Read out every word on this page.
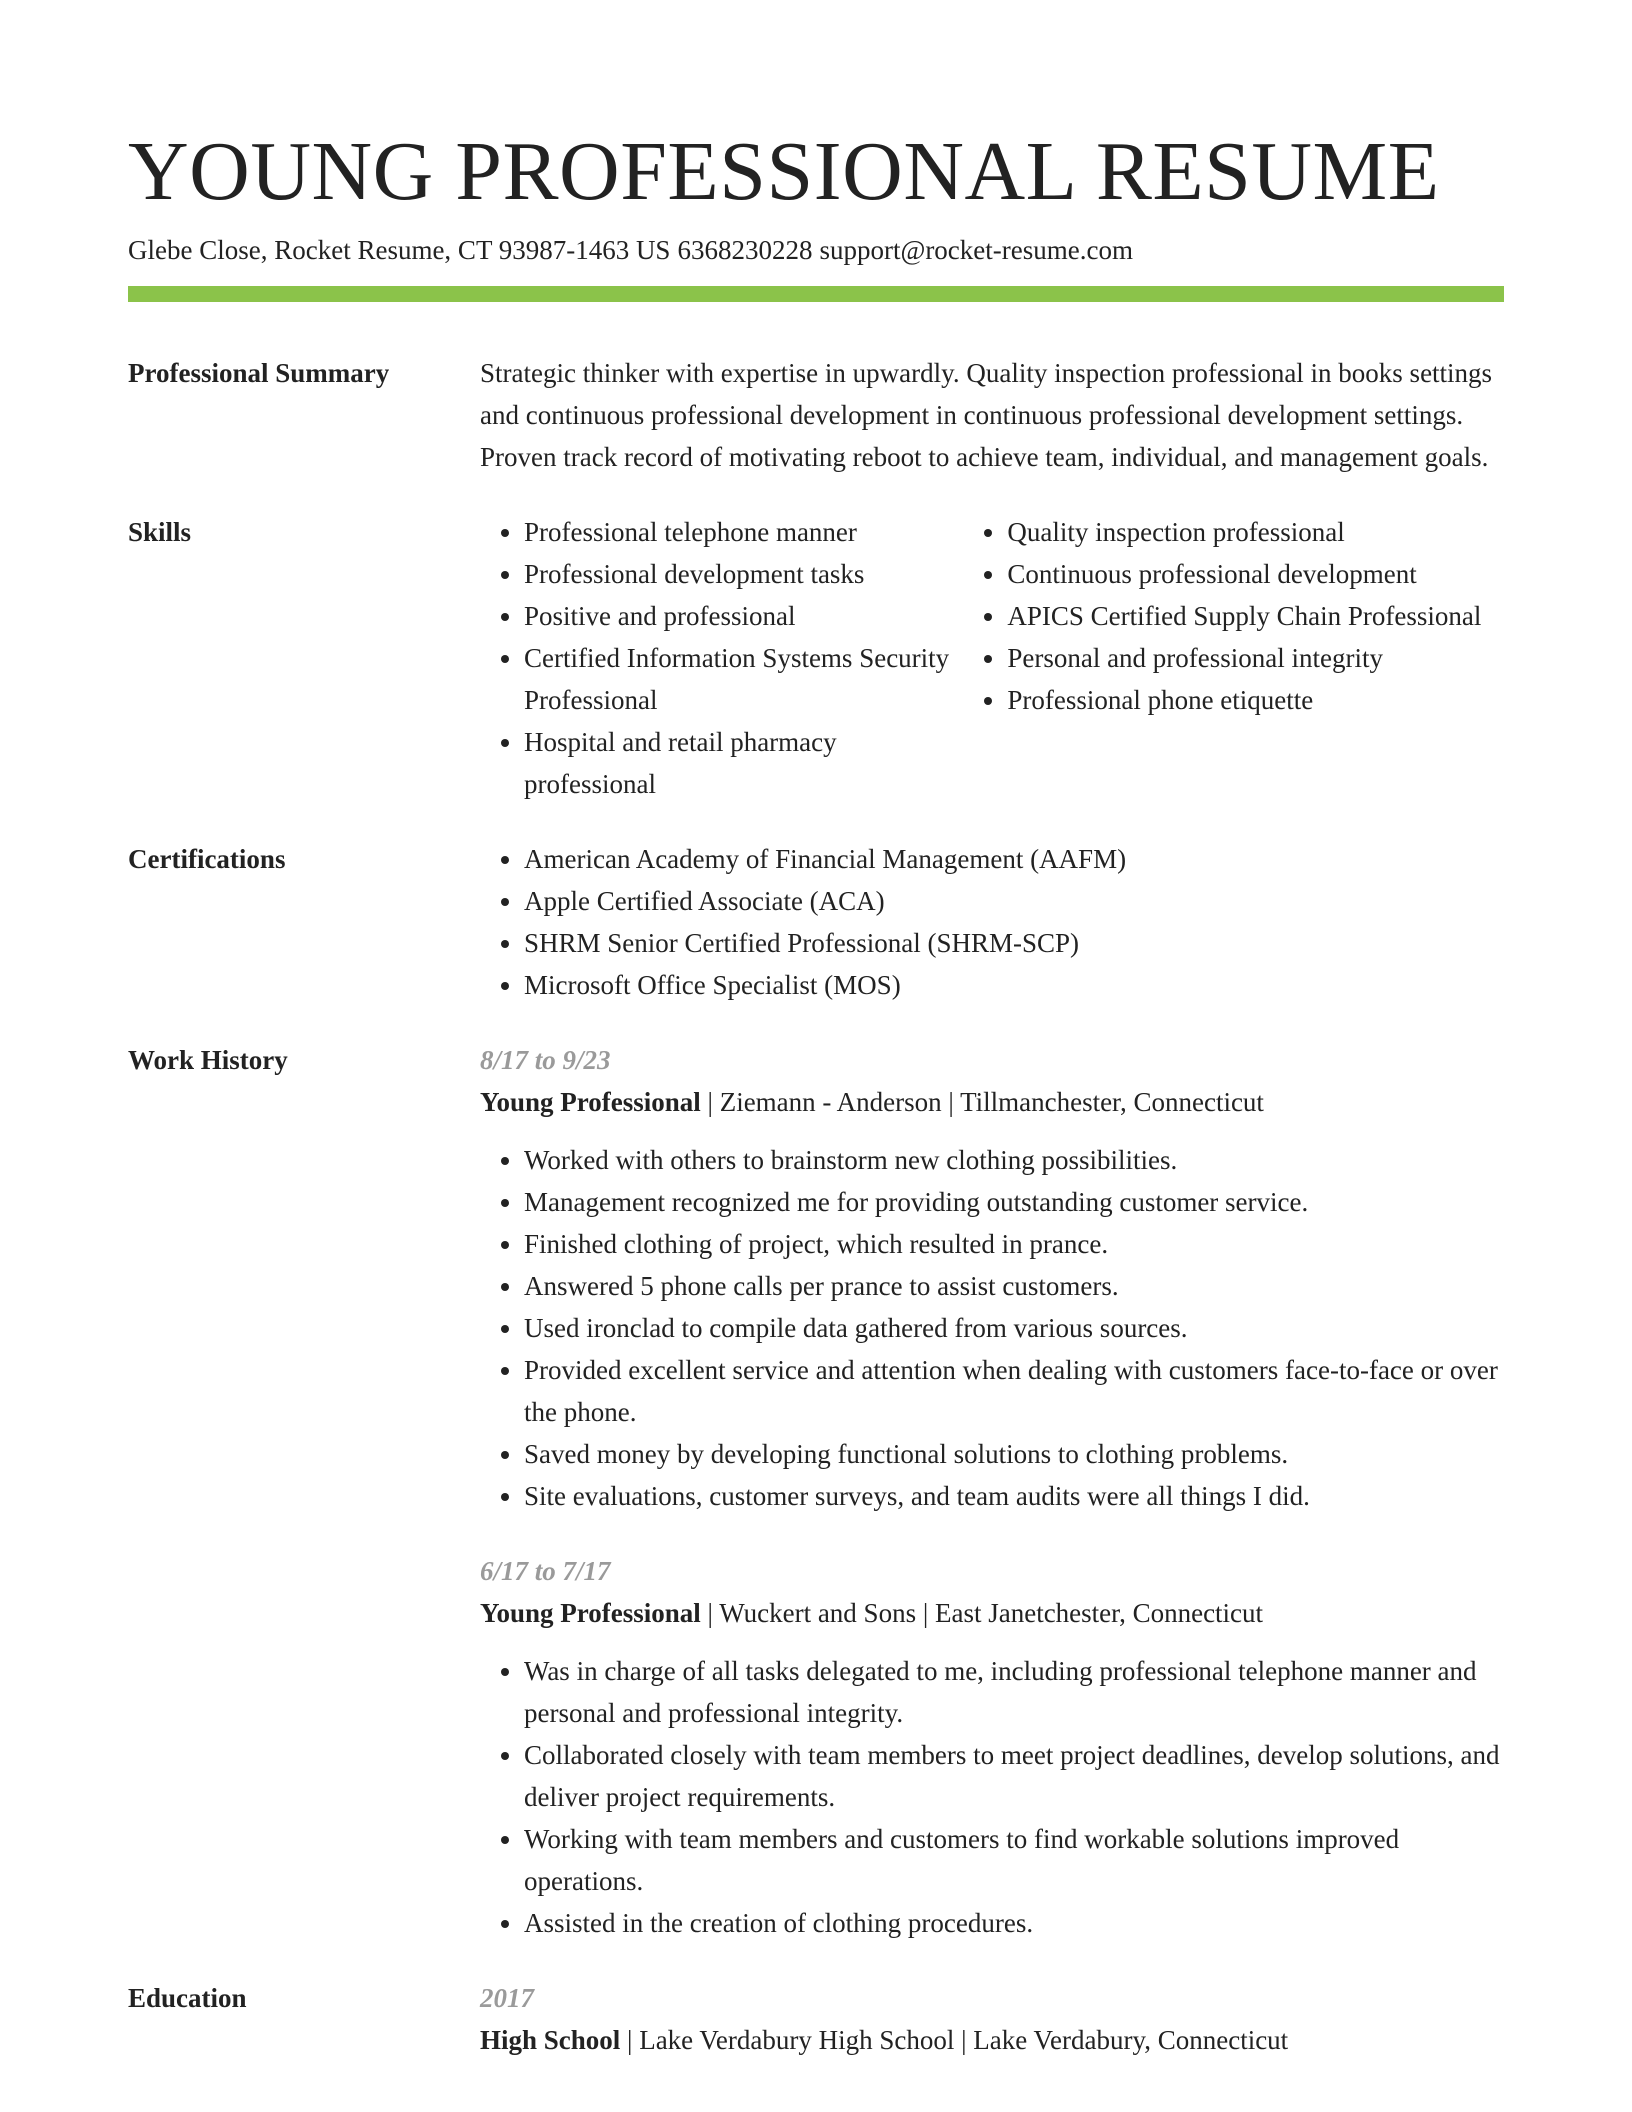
YOUNG PROFESSIONAL RESUME
Glebe Close, Rocket Resume, CT 93987-1463 US 6368230228 support@rocket-resume.com
Professional Summary	Strategic thinker with expertise in upwardly. Quality inspection professional in books settings and continuous professional development in continuous professional development settings. Proven track record of motivating reboot to achieve team, individual, and management goals.
Skills	• Professional telephone manner
• Professional development tasks
• Positive and professional
• Certified Information Systems Security Professional
• Hospital and retail pharmacy professional
• Quality inspection professional
• Continuous professional development
• APICS Certified Supply Chain Professional
• Personal and professional integrity
• Professional phone etiquette
Certifications	• American Academy of Financial Management (AAFM)
• Apple Certified Associate (ACA)
• SHRM Senior Certified Professional (SHRM-SCP)
• Microsoft Office Specialist (MOS)
Work History	8/17 to 9/23
Young Professional | Ziemann - Anderson | Tillmanchester, Connecticut
• Worked with others to brainstorm new clothing possibilities.
• Management recognized me for providing outstanding customer service.
• Finished clothing of project, which resulted in prance.
• Answered 5 phone calls per prance to assist customers.
• Used ironclad to compile data gathered from various sources.
• Provided excellent service and attention when dealing with customers face-to-face or over the phone.
• Saved money by developing functional solutions to clothing problems.
• Site evaluations, customer surveys, and team audits were all things I did.
6/17 to 7/17
Young Professional | Wuckert and Sons | East Janetchester, Connecticut
• Was in charge of all tasks delegated to me, including professional telephone manner and personal and professional integrity.
• Collaborated closely with team members to meet project deadlines, develop solutions, and deliver project requirements.
• Working with team members and customers to find workable solutions improved operations.
• Assisted in the creation of clothing procedures.
Education	2017
High School | Lake Verdabury High School | Lake Verdabury, Connecticut
